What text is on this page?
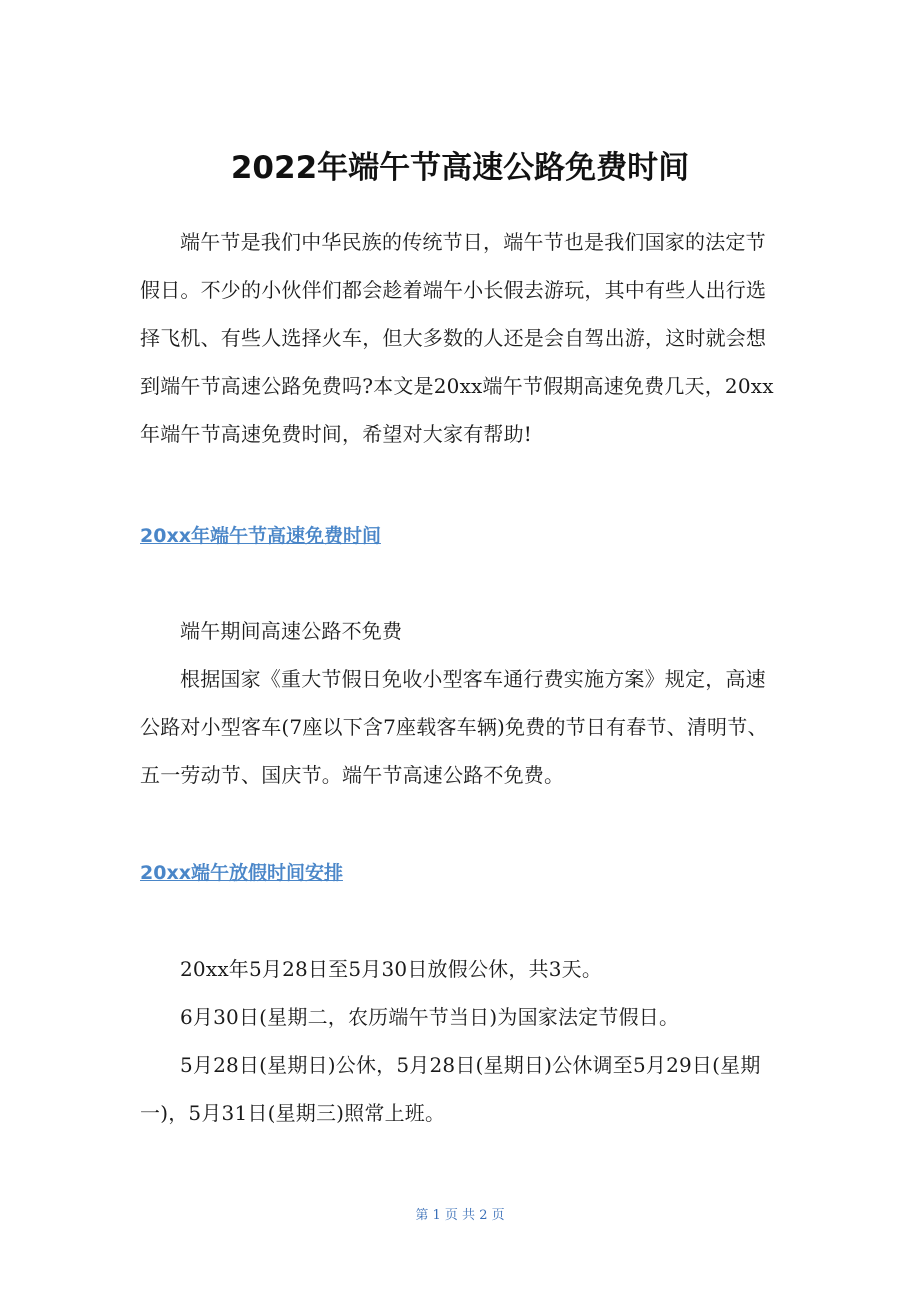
2022年端午节高速公路免费时间

端午节是我们中华民族的传统节日，端午节也是我们国家的法定节假日。不少的小伙伴们都会趁着端午小长假去游玩，其中有些人出行选择飞机、有些人选择火车，但大多数的人还是会自驾出游，这时就会想到端午节高速公路免费吗?本文是20xx端午节假期高速免费几天，20xx年端午节高速免费时间，希望对大家有帮助!

20xx年端午节高速免费时间

端午期间高速公路不免费

根据国家《重大节假日免收小型客车通行费实施方案》规定，高速公路对小型客车(7座以下含7座载客车辆)免费的节日有春节、清明节、五一劳动节、国庆节。端午节高速公路不免费。

20xx端午放假时间安排

20xx年5月28日至5月30日放假公休，共3天。

6月30日(星期二，农历端午节当日)为国家法定节假日。

5月28日(星期日)公休，5月28日(星期日)公休调至5月29日(星期一)，5月31日(星期三)照常上班。

第 1 页 共 2 页
